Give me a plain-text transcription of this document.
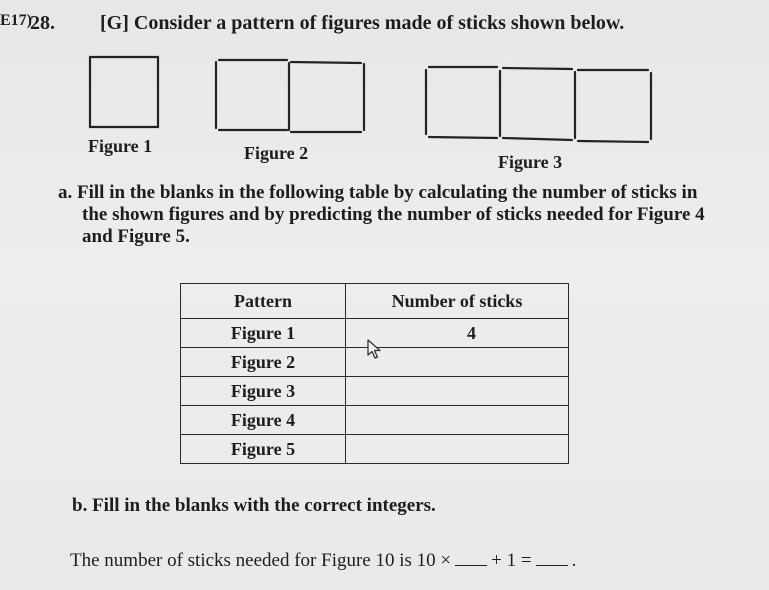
E17)
28. [G] Consider a pattern of figures made of sticks shown below.
Figure 1	Figure 2	Figure 3
a. Fill in the blanks in the following table by calculating the number of sticks in
the shown figures and by predicting the number of sticks needed for Figure 4
and Figure 5.
Pattern	Number of sticks
Figure 1	4
Figure 2	
Figure 3	
Figure 4	
Figure 5	
b. Fill in the blanks with the correct integers.
The number of sticks needed for Figure 10 is 10 × + 1 = .
